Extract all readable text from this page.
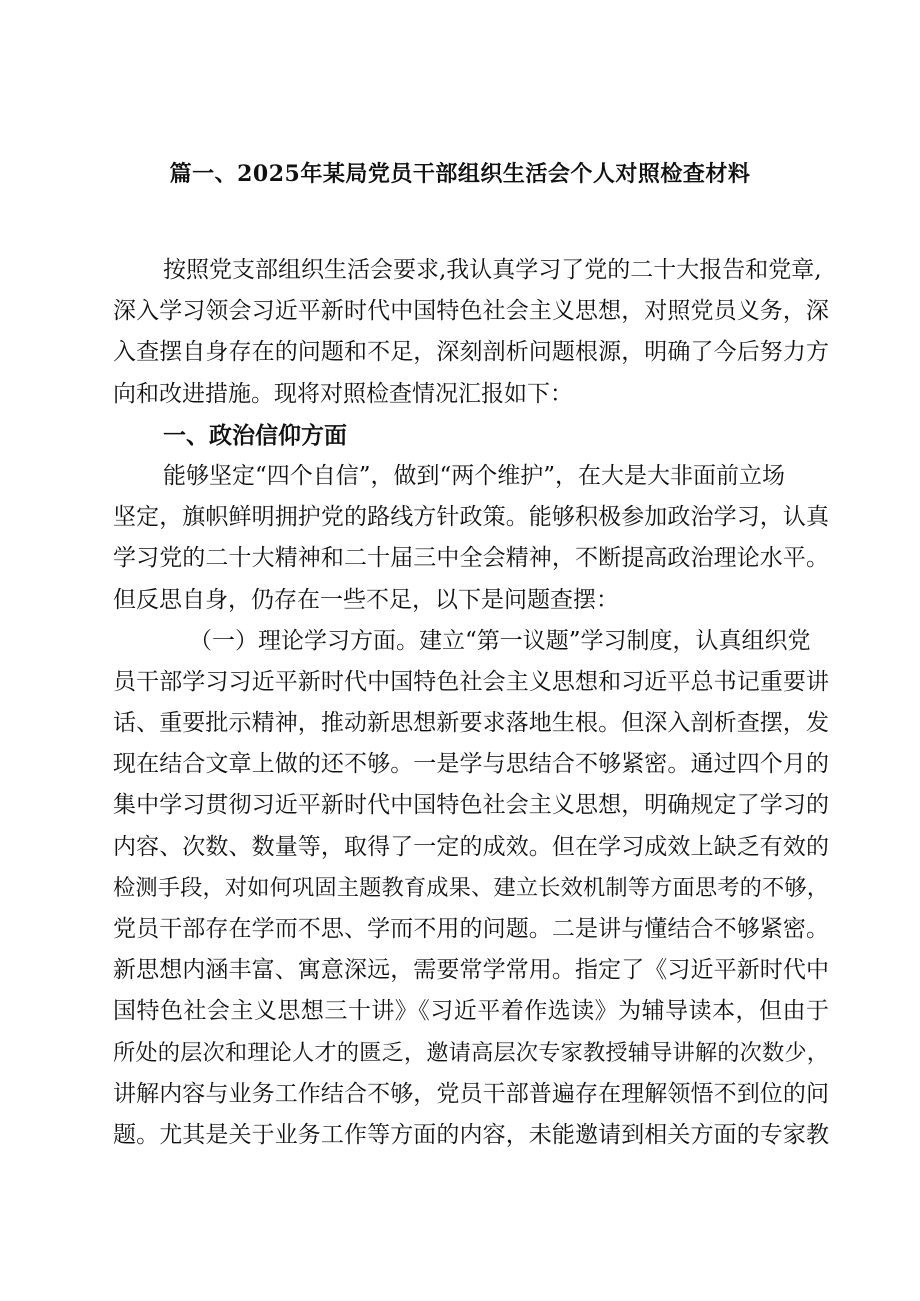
篇一、2025年某局党员干部组织生活会个人对照检查材料
按照党支部组织生活会要求,我认真学习了党的二十大报告和党章,
深入学习领会习近平新时代中国特色社会主义思想，对照党员义务，深
入查摆自身存在的问题和不足，深刻剖析问题根源，明确了今后努力方
向和改进措施。现将对照检查情况汇报如下：
一、政治信仰方面
能够坚定“四个自信”，做到“两个维护”，在大是大非面前立场
坚定，旗帜鲜明拥护党的路线方针政策。能够积极参加政治学习，认真
学习党的二十大精神和二十届三中全会精神，不断提高政治理论水平。
但反思自身，仍存在一些不足，以下是问题查摆：
（一）理论学习方面。建立“第一议题”学习制度，认真组织党
员干部学习习近平新时代中国特色社会主义思想和习近平总书记重要讲
话、重要批示精神，推动新思想新要求落地生根。但深入剖析查摆，发
现在结合文章上做的还不够。一是学与思结合不够紧密。通过四个月的
集中学习贯彻习近平新时代中国特色社会主义思想，明确规定了学习的
内容、次数、数量等，取得了一定的成效。但在学习成效上缺乏有效的
检测手段，对如何巩固主题教育成果、建立长效机制等方面思考的不够，
党员干部存在学而不思、学而不用的问题。二是讲与懂结合不够紧密。
新思想内涵丰富、寓意深远，需要常学常用。指定了《习近平新时代中
国特色社会主义思想三十讲》《习近平着作选读》为辅导读本，但由于
所处的层次和理论人才的匮乏，邀请高层次专家教授辅导讲解的次数少，
讲解内容与业务工作结合不够，党员干部普遍存在理解领悟不到位的问
题。尤其是关于业务工作等方面的内容，未能邀请到相关方面的专家教
